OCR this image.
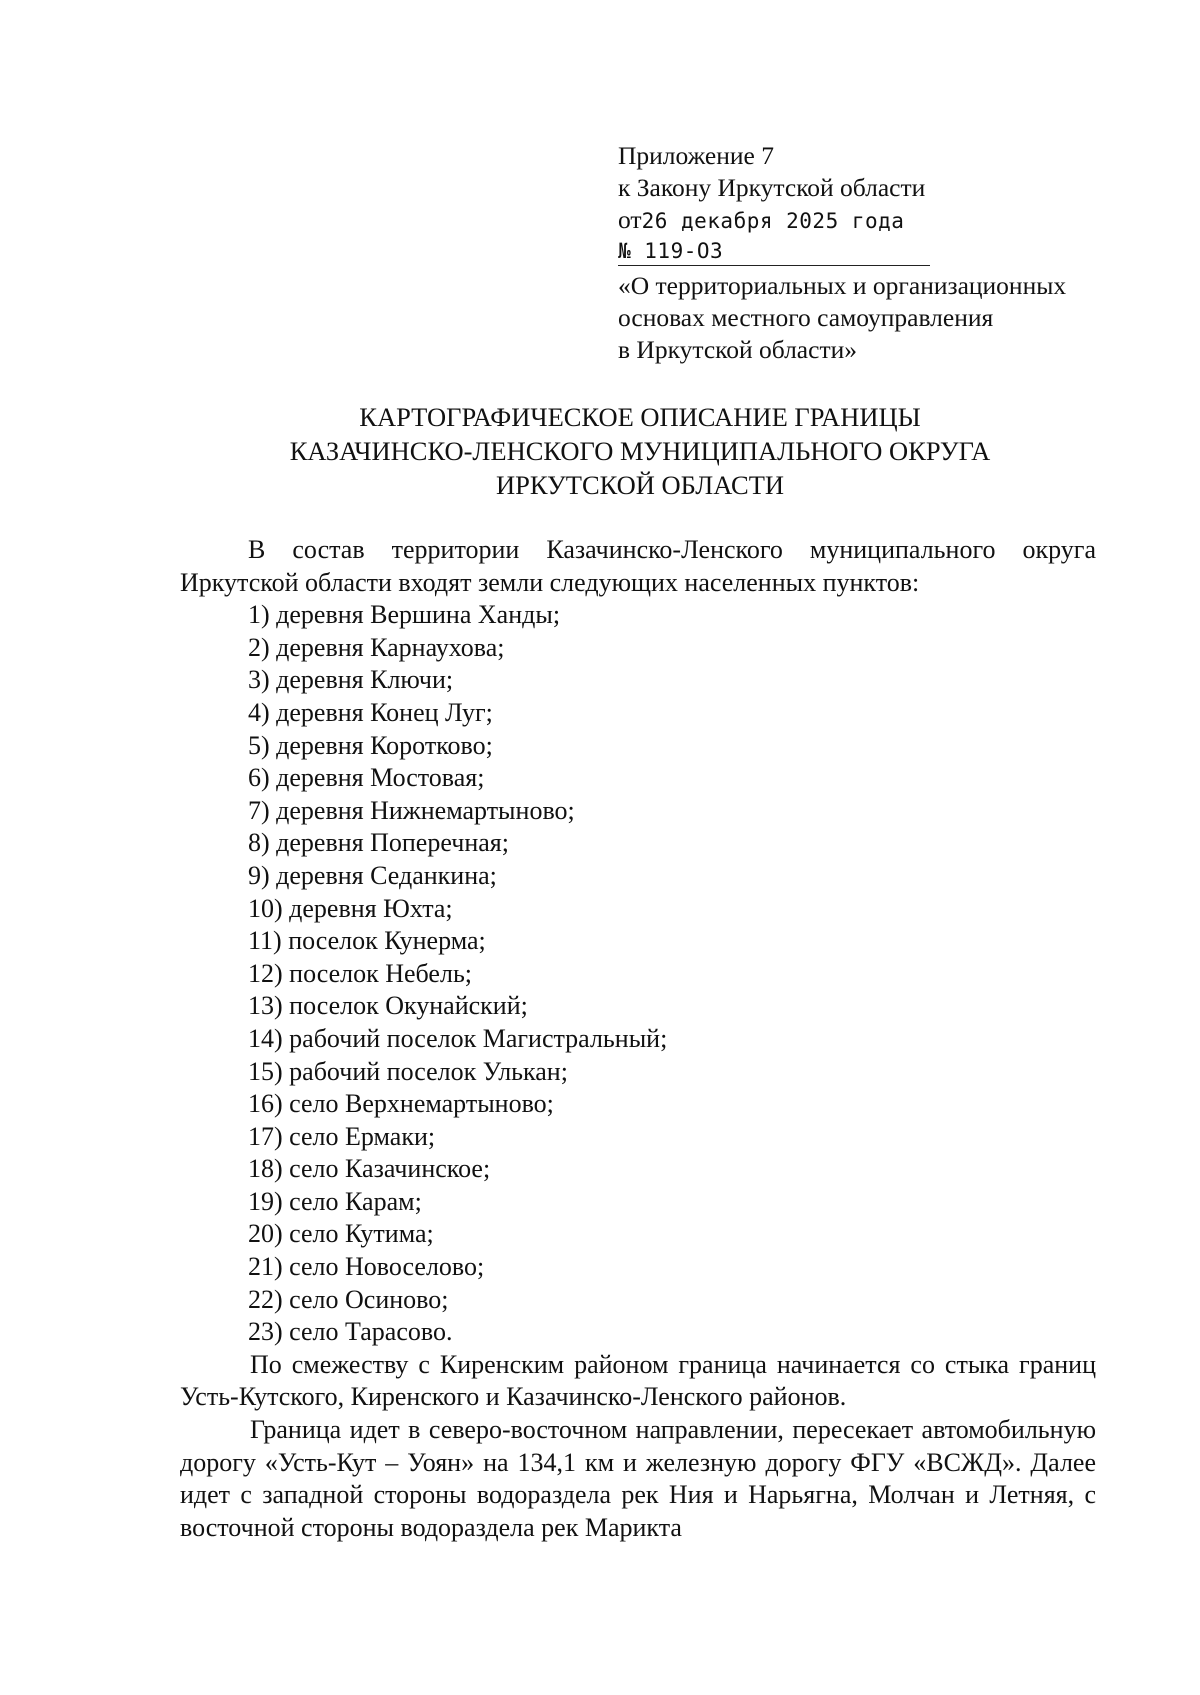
Приложение 7
к Закону Иркутской области
от26 декабря 2025 года
№ 119-ОЗ
«О территориальных и организационных
основах местного самоуправления
в Иркутской области»
КАРТОГРАФИЧЕСКОЕ ОПИСАНИЕ ГРАНИЦЫ
КАЗАЧИНСКО-ЛЕНСКОГО МУНИЦИПАЛЬНОГО ОКРУГА
ИРКУТСКОЙ ОБЛАСТИ

В состав территории Казачинско-Ленского муниципального округа Иркутской области входят земли следующих населенных пунктов:

1) деревня Вершина Ханды;
2) деревня Карнаухова;
3) деревня Ключи;
4) деревня Конец Луг;
5) деревня Коротково;
6) деревня Мостовая;
7) деревня Нижнемартыново;
8) деревня Поперечная;
9) деревня Седанкина;
10) деревня Юхта;
11) поселок Кунерма;
12) поселок Небель;
13) поселок Окунайский;
14) рабочий поселок Магистральный;
15) рабочий поселок Улькан;
16) село Верхнемартыново;
17) село Ермаки;
18) село Казачинское;
19) село Карам;
20) село Кутима;
21) село Новоселово;
22) село Осиново;
23) село Тарасово.

По смежеству с Киренским районом граница начинается со стыка границ Усть-Кутского, Киренского и Казачинско-Ленского районов.

Граница идет в северо-восточном направлении, пересекает автомобильную дорогу «Усть-Кут – Уоян» на 134,1 км и железную дорогу ФГУ «ВСЖД». Далее идет с западной стороны водораздела рек Ния и Нарьягна, Молчан и Летняя, с восточной стороны водораздела рек Марикта
